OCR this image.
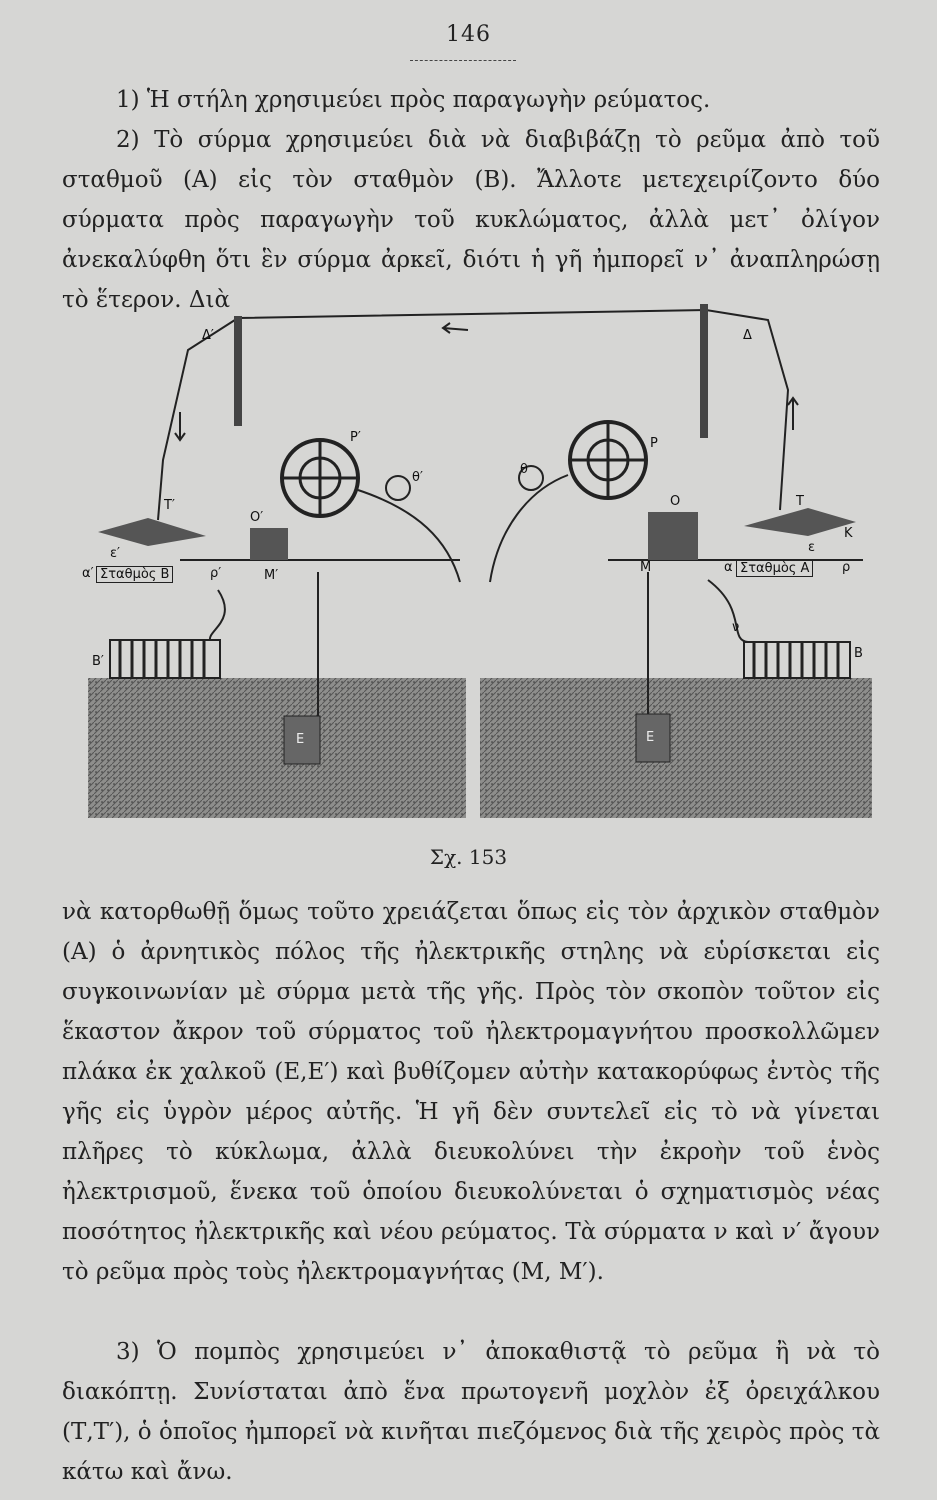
146

1) Ἡ στήλη χρησιμεύει πρὸς παραγωγὴν ρεύματος.

2) Τὸ σύρμα χρησιμεύει διὰ νὰ διαβιβάζῃ τὸ ρεῦμα ἀπὸ τοῦ σταθμοῦ (Α) εἰς τὸν σταθμὸν (Β). Ἄλλοτε μετεχειρίζοντο δύο σύρματα πρὸς παραγωγὴν τοῦ κυκλώματος, ἀλλὰ μετ᾽ ὀλίγον ἀνεκαλύφθη ὅτι ἓν σύρμα ἀρκεῖ, διότι ἡ γῆ ἠμπορεῖ ν᾽ ἀναπληρώσῃ τὸ ἕτερον. Διὰ

Δ′	Δ
Ρ′	Ρ
θ′
θ
Ο′
Ο
Τ′	Τ
ε′	ε
α′	α
Σταθμὸς Β	Σταθμὸς Α
ρ′	ρ
Μ′
Μ
ν
Κ
Β′
Β
Ε	Ε
Σχ. 153

νὰ κατορθωθῇ ὅμως τοῦτο χρειάζεται ὅπως εἰς τὸν ἀρχικὸν σταθμὸν (Α) ὁ ἀρνητικὸς πόλος τῆς ἠλεκτρικῆς στηλης νὰ εὑρίσκεται εἰς συγκοινωνίαν μὲ σύρμα μετὰ τῆς γῆς. Πρὸς τὸν σκοπὸν τοῦτον εἰς ἕκαστον ἄκρον τοῦ σύρματος τοῦ ἠλεκτρομαγνήτου προσκολλῶμεν πλάκα ἐκ χαλκοῦ (Ε,Ε′) καὶ βυθίζομεν αὐτὴν κατακορύφως ἐντὸς τῆς γῆς εἰς ὑγρὸν μέρος αὐτῆς. Ἡ γῆ δὲν συντελεῖ εἰς τὸ νὰ γίνεται πλῆρες τὸ κύκλωμα, ἀλλὰ διευκολύνει τὴν ἐκροὴν τοῦ ἑνὸς ἠλεκτρισμοῦ, ἕνεκα τοῦ ὁποίου διευκολύνεται ὁ σχηματισμὸς νέας ποσότητος ἠλεκτρικῆς καὶ νέου ρεύματος. Τὰ σύρματα ν καὶ ν′ ἄγουν τὸ ρεῦμα πρὸς τοὺς ἠλεκτρομαγνήτας (Μ, Μ′).

3) Ὁ πομπὸς χρησιμεύει ν᾽ ἀποκαθιστᾷ τὸ ρεῦμα ἢ νὰ τὸ διακόπτῃ. Συνίσταται ἀπὸ ἕνα πρωτογενῆ μοχλὸν ἐξ ὀρειχάλκου (Τ,Τ′), ὁ ὁποῖος ἠμπορεῖ νὰ κινῆται πιεζόμενος διὰ τῆς χειρὸς πρὸς τὰ κάτω καὶ ἄνω.
